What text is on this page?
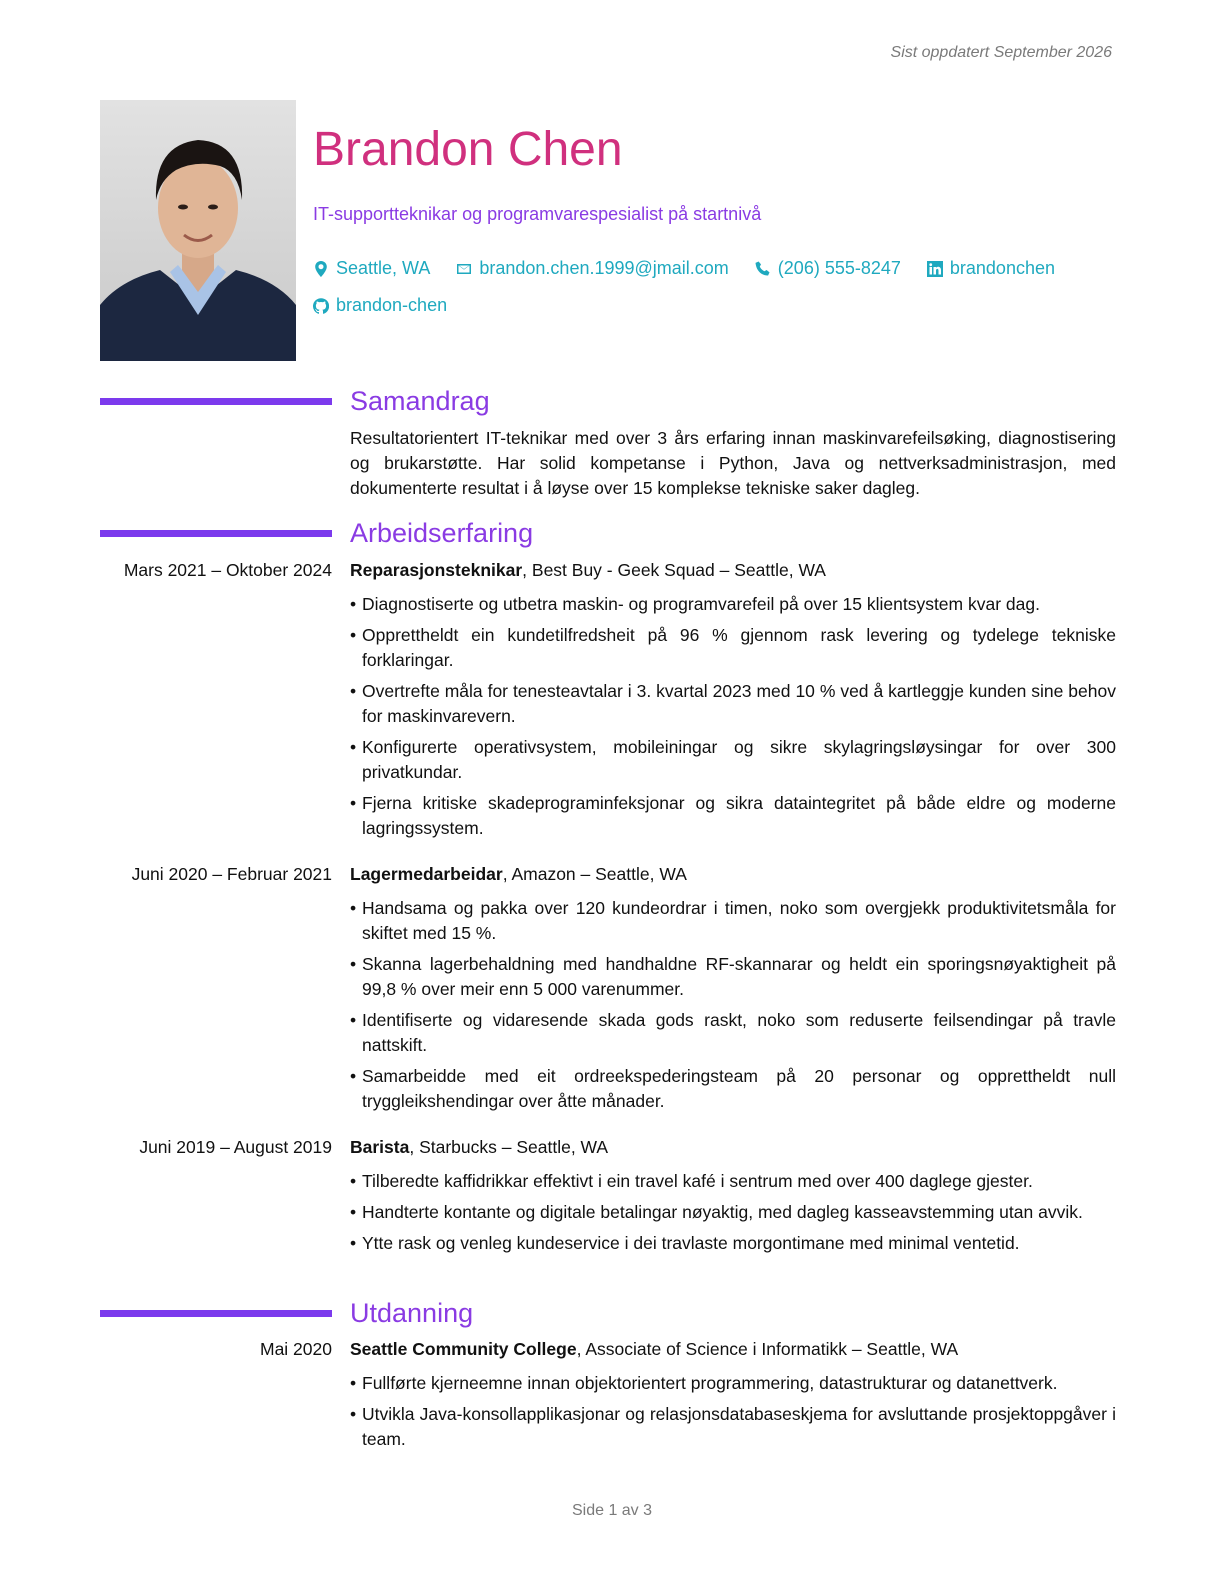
Sist oppdatert September 2026
Brandon Chen
IT-supportteknikar og programvarespesialist på startnivå
Seattle, WA	brandon.chen.1999@jmail.com	(206) 555-8247	brandonchen
brandon-chen
Samandrag
Resultatorientert IT-teknikar med over 3 års erfaring innan maskinvarefeilsøking, diagnostisering og brukarstøtte. Har solid kompetanse i Python, Java og nettverksadministrasjon, med dokumenterte resultat i å løyse over 15 komplekse tekniske saker dagleg.
Arbeidserfaring
Mars 2021 – Oktober 2024 Reparasjonsteknikar, Best Buy - Geek Squad – Seattle, WA
• Diagnostiserte og utbetra maskin- og programvarefeil på over 15 klientsystem kvar dag.
• Opprettheldt ein kundetilfredsheit på 96 % gjennom rask levering og tydelege tekniske forklaringar.
• Overtrefte måla for tenesteavtalar i 3. kvartal 2023 med 10 % ved å kartleggje kunden sine behov for maskinvarevern.
• Konfigurerte operativsystem, mobileiningar og sikre skylagringsløysingar for over 300 privatkundar.
• Fjerna kritiske skadeprograminfeksjonar og sikra dataintegritet på både eldre og moderne lagringssystem.
Juni 2020 – Februar 2021 Lagermedarbeidar, Amazon – Seattle, WA
• Handsama og pakka over 120 kundeordrar i timen, noko som overgjekk produktivitetsmåla for skiftet med 15 %.
• Skanna lagerbehaldning med handhaldne RF-skannarar og heldt ein sporingsnøyaktigheit på 99,8 % over meir enn 5 000 varenummer.
• Identifiserte og vidaresende skada gods raskt, noko som reduserte feilsendingar på travle nattskift.
• Samarbeidde med eit ordreekspederingsteam på 20 personar og opprettheldt null tryggleikshendingar over åtte månader.
Juni 2019 – August 2019 Barista, Starbucks – Seattle, WA
• Tilberedte kaffidrikkar effektivt i ein travel kafé i sentrum med over 400 daglege gjester.
• Handterte kontante og digitale betalingar nøyaktig, med dagleg kasseavstemming utan avvik.
• Ytte rask og venleg kundeservice i dei travlaste morgontimane med minimal ventetid.
Utdanning
Mai 2020 Seattle Community College, Associate of Science i Informatikk – Seattle, WA
• Fullførte kjerneemne innan objektorientert programmering, datastrukturar og datanettverk.
• Utvikla Java-konsollapplikasjonar og relasjonsdatabaseskjema for avsluttande prosjektoppgåver i team.
Side 1 av 3
